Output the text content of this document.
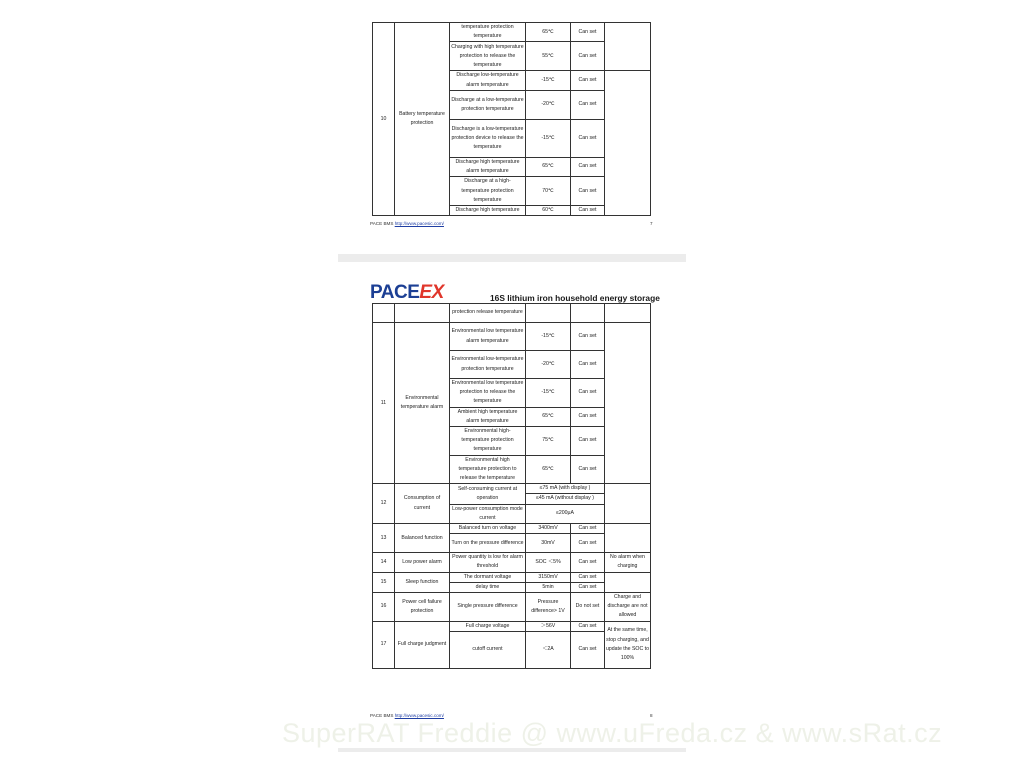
10	Battery temperature protection	temperature protection temperature	65℃	Can set	
		Charging with high temperature protection to release the temperature	55℃	Can set	
		Discharge low-temperature alarm temperature	-15℃	Can set	
		Discharge at a low-temperature protection temperature	-20℃	Can set	
		Discharge is a low-temperature protection device to release the temperature	-15℃	Can set	
		Discharge high temperature alarm temperature	65℃	Can set	
		Discharge at a high-temperature protection temperature	70℃	Can set	
		Discharge high temperature	60℃	Can set	
PACE BMS http://www.pacesic.com/	7
PACEEX	16S lithium iron household energy storage
		protection release temperature			
11	Environmental temperature alarm	Environmental low temperature alarm temperature	-15℃	Can set	
		Environmental low-temperature protection temperature	-20℃	Can set	
		Environmental low temperature protection to release the temperature	-15℃	Can set	
		Ambient high temperature alarm temperature	65℃	Can set	
		Environmental high-temperature protection temperature	75℃	Can set	
		Environmental high temperature protection to release the temperature	65℃	Can set	
12	Consumption of current	Self-consuming current at operation	≤75 mA (with display )		
			≤45 mA (without display )		
		Low-power consumption mode current	≤200μA		
13	Balanced function	Balanced turn on voltage	3400mV	Can set	
		Turn on the pressure difference	30mV	Can set	
14	Low power alarm	Power quantity is low for alarm threshold	SOC ＜5%	Can set	No alarm when charging
15	Sleep function	The dormant voltage	3150mV	Can set	
		delay time	5min	Can set	
16	Power cell failure protection	Single pressure difference	Pressure difference> 1V	Do not set	Charge and discharge are not allowed
17	Full charge judgment	Full charge voltage	＞56V	Can set	At the same time, stop charging, and update the SOC to 100%
		cutoff current	＜2A	Can set	
PACE BMS http://www.pacesic.com/	8
SuperRAT Freddie @ www.uFreda.cz & www.sRat.cz
